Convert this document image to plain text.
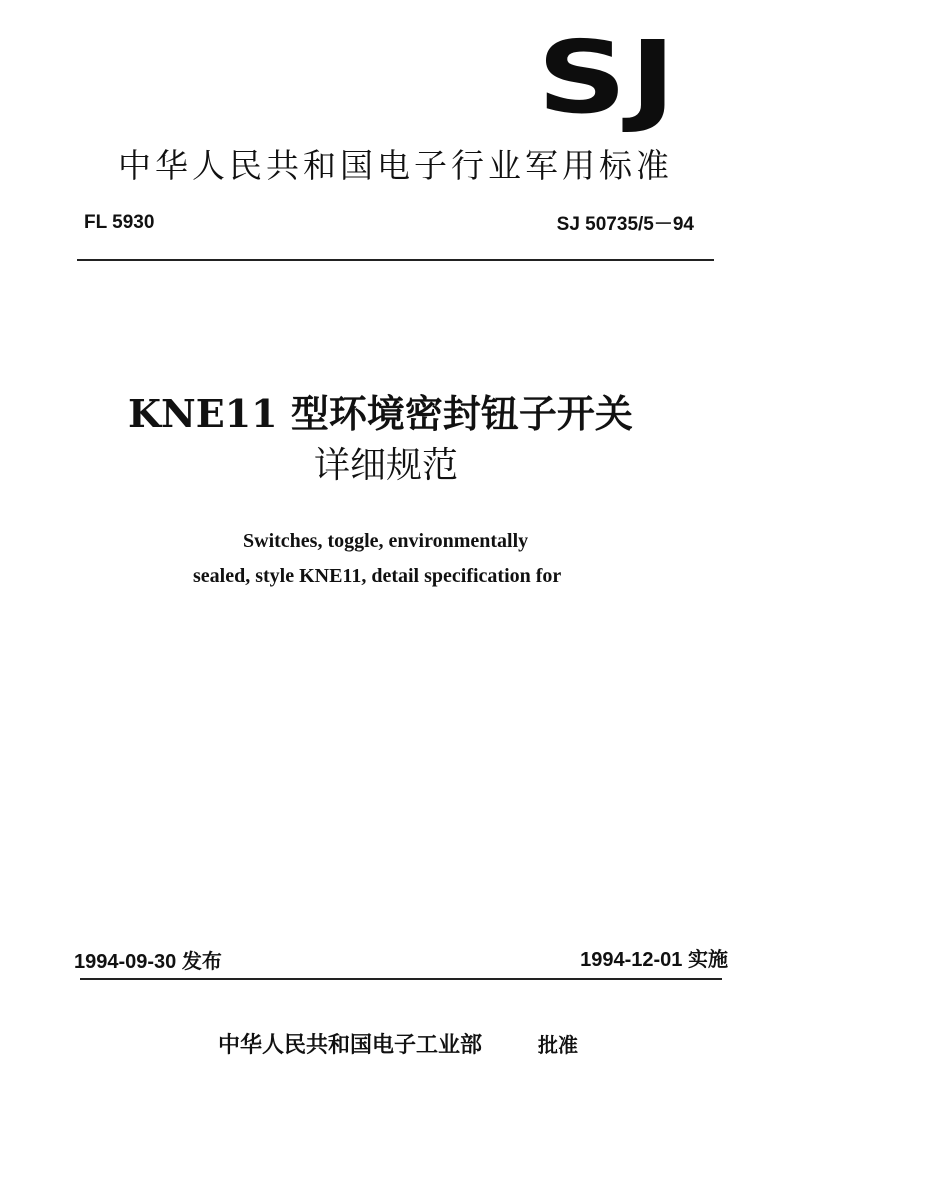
SJ
中华人民共和国电子行业军用标准
FL 5930	SJ 50735/5－94
KNE11 型环境密封钮子开关
详细规范
Switches, toggle, environmentally
sealed, style KNE11, detail specification for
1994-09-30 发布	1994-12-01 实施
中华人民共和国电子工业部	批准
